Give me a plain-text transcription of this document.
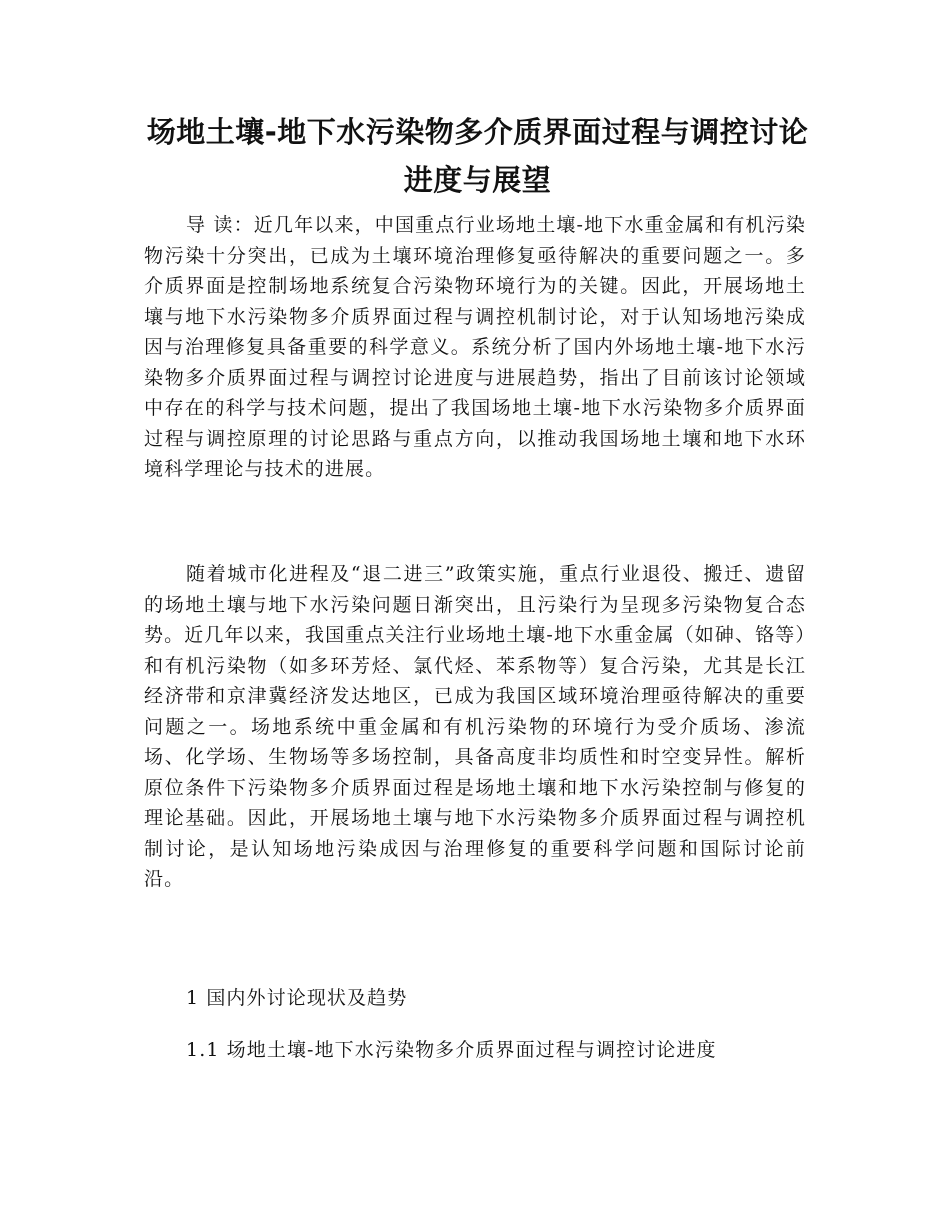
场地土壤-地下水污染物多介质界面过程与调控讨论进度与展望
导 读：近几年以来，中国重点行业场地土壤-地下水重金属和有机污染物污染十分突出，已成为土壤环境治理修复亟待解决的重要问题之一。多介质界面是控制场地系统复合污染物环境行为的关键。因此，开展场地土壤与地下水污染物多介质界面过程与调控机制讨论，对于认知场地污染成因与治理修复具备重要的科学意义。系统分析了国内外场地土壤-地下水污染物多介质界面过程与调控讨论进度与进展趋势，指出了目前该讨论领域中存在的科学与技术问题，提出了我国场地土壤-地下水污染物多介质界面过程与调控原理的讨论思路与重点方向，以推动我国场地土壤和地下水环境科学理论与技术的进展。
随着城市化进程及“退二进三”政策实施，重点行业退役、搬迁、遗留的场地土壤与地下水污染问题日渐突出，且污染行为呈现多污染物复合态势。近几年以来，我国重点关注行业场地土壤-地下水重金属（如砷、铬等）和有机污染物（如多环芳烃、氯代烃、苯系物等）复合污染，尤其是长江经济带和京津冀经济发达地区，已成为我国区域环境治理亟待解决的重要问题之一。场地系统中重金属和有机污染物的环境行为受介质场、渗流场、化学场、生物场等多场控制，具备高度非均质性和时空变异性。解析原位条件下污染物多介质界面过程是场地土壤和地下水污染控制与修复的理论基础。因此，开展场地土壤与地下水污染物多介质界面过程与调控机制讨论，是认知场地污染成因与治理修复的重要科学问题和国际讨论前沿。
1 国内外讨论现状及趋势
1.1 场地土壤-地下水污染物多介质界面过程与调控讨论进度
